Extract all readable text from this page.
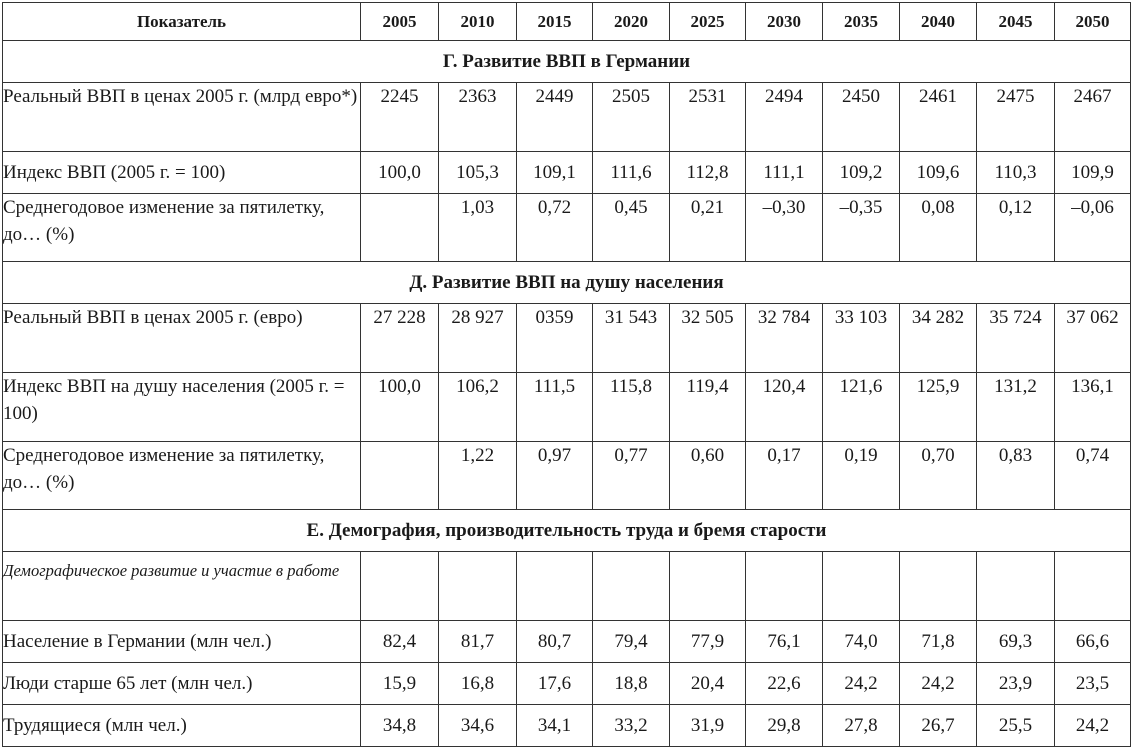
Показатель	2005	2010	2015	2020	2025	2030	2035	2040	2045	2050
Г. Развитие ВВП в Германии										
Реальный ВВП в ценах 2005 г. (млрд евро*)	2245	2363	2449	2505	2531	2494	2450	2461	2475	2467
Индекс ВВП (2005 г. = 100)	100,0	105,3	109,1	111,6	112,8	111,1	109,2	109,6	110,3	109,9
Среднегодовое изменение за пятилетку, до… (%)		1,03	0,72	0,45	0,21	–0,30	–0,35	0,08	0,12	–0,06
Д. Развитие ВВП на душу населения										
Реальный ВВП в ценах 2005 г. (евро)	27 228	28 927	0359	31 543	32 505	32 784	33 103	34 282	35 724	37 062
Индекс ВВП на душу населения (2005 г. = 100)	100,0	106,2	111,5	115,8	119,4	120,4	121,6	125,9	131,2	136,1
Среднегодовое изменение за пятилетку, до… (%)		1,22	0,97	0,77	0,60	0,17	0,19	0,70	0,83	0,74
Е. Демография, производительность труда и бремя старости										
Демографическое развитие и участие в работе										
Население в Германии (млн чел.)	82,4	81,7	80,7	79,4	77,9	76,1	74,0	71,8	69,3	66,6
Люди старше 65 лет (млн чел.)	15,9	16,8	17,6	18,8	20,4	22,6	24,2	24,2	23,9	23,5
Трудящиеся (млн чел.)	34,8	34,6	34,1	33,2	31,9	29,8	27,8	26,7	25,5	24,2
